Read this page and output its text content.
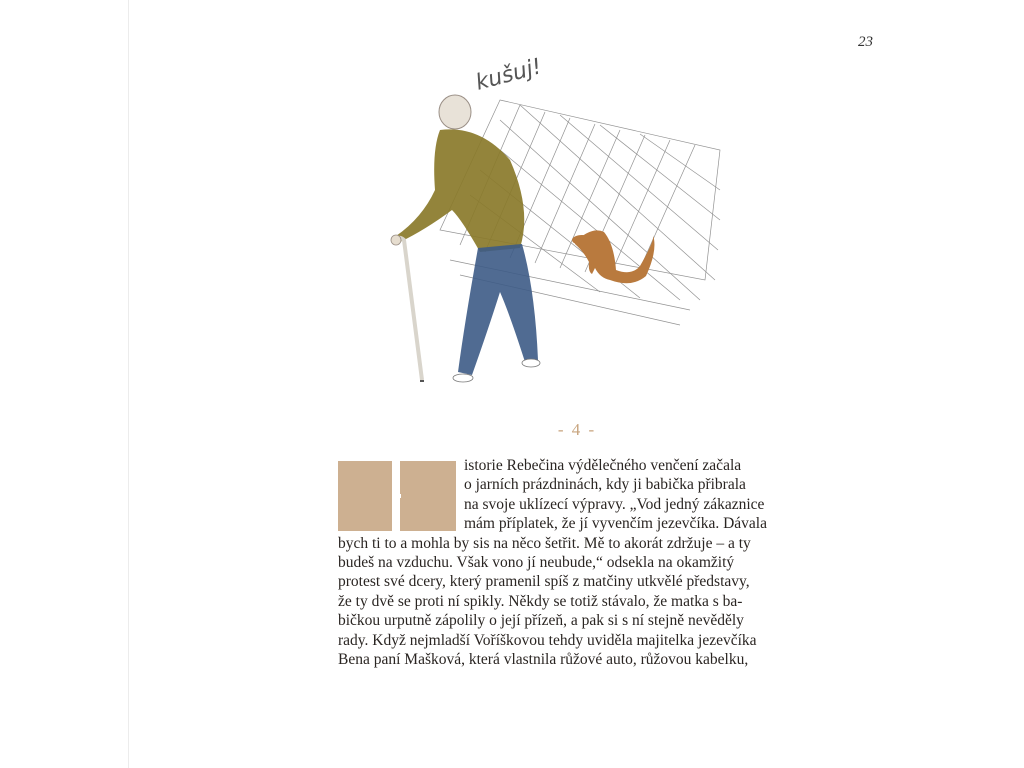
23
kušuj!
- 4 -
istorie Rebečina výdělečného venčení začala
o jarních prázdninách, kdy ji babička přibrala
na svoje uklízecí výpravy. „Vod jedný zákaznice
mám příplatek, že jí vyvenčím jezevčíka. Dávala
bych ti to a mohla by sis na něco šetřit. Mě to akorát zdržuje – a ty
budeš na vzduchu. Však vono jí neubude,“ odsekla na okamžitý
protest své dcery, který pramenil spíš z matčiny utkvělé představy,
že ty dvě se proti ní spikly. Někdy se totiž stávalo, že matka s ba-
bičkou urputně zápolily o její přízeň, a pak si s ní stejně nevěděly
rady. Když nejmladší Voříškovou tehdy uviděla majitelka jezevčíka
Bena paní Mašková, která vlastnila růžové auto, růžovou kabelku,
